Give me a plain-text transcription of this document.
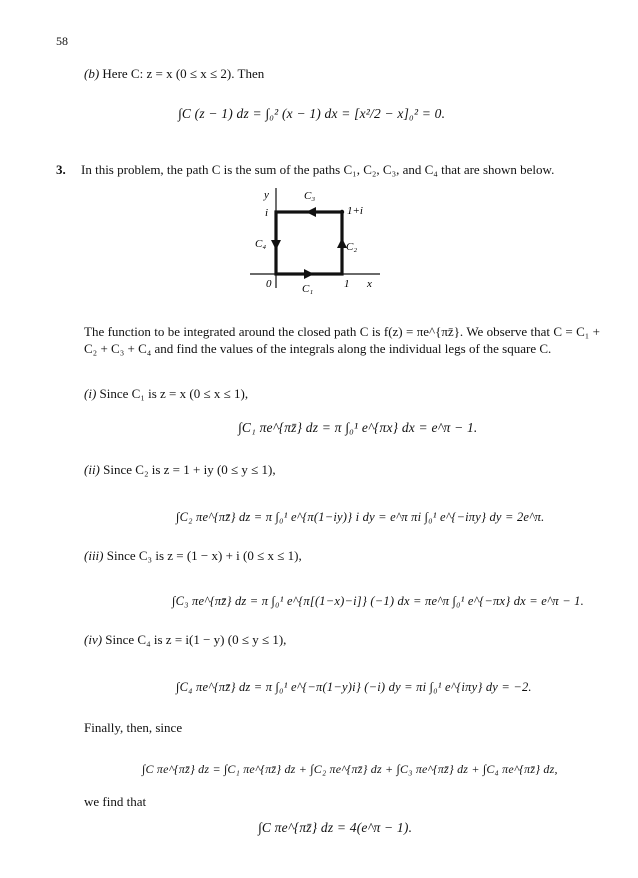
58
(b) Here C: z = x (0 ≤ x ≤ 2). Then
∫C (z − 1) dz = ∫₀² (x − 1) dx = [x²/2 − x]₀² = 0.
3. In this problem, the path C is the sum of the paths C₁, C₂, C₃, and C₄ that are shown below.
y
i
C₃
1+i
C₄	C₂
0	C₁	1 x
The function to be integrated around the closed path C is f(z) = πe^{πz̄}. We observe that C = C₁ + C₂ + C₃ + C₄ and find the values of the integrals along the individual legs of the square C.
(i) Since C₁ is z = x (0 ≤ x ≤ 1),
∫C₁ πe^{πz̄} dz = π ∫₀¹ e^{πx} dx = e^π − 1.
(ii) Since C₂ is z = 1 + iy (0 ≤ y ≤ 1),
∫C₂ πe^{πz̄} dz = π ∫₀¹ e^{π(1−iy)} i dy = e^π πi ∫₀¹ e^{−iπy} dy = 2e^π.
(iii) Since C₃ is z = (1 − x) + i (0 ≤ x ≤ 1),
∫C₃ πe^{πz̄} dz = π ∫₀¹ e^{π[(1−x)−i]} (−1) dx = πe^π ∫₀¹ e^{−πx} dx = e^π − 1.
(iv) Since C₄ is z = i(1 − y) (0 ≤ y ≤ 1),
∫C₄ πe^{πz̄} dz = π ∫₀¹ e^{−π(1−y)i} (−i) dy = πi ∫₀¹ e^{iπy} dy = −2.
Finally, then, since
∫C πe^{πz̄} dz = ∫C₁ πe^{πz̄} dz + ∫C₂ πe^{πz̄} dz + ∫C₃ πe^{πz̄} dz + ∫C₄ πe^{πz̄} dz,
we find that
∫C πe^{πz̄} dz = 4(e^π − 1).
